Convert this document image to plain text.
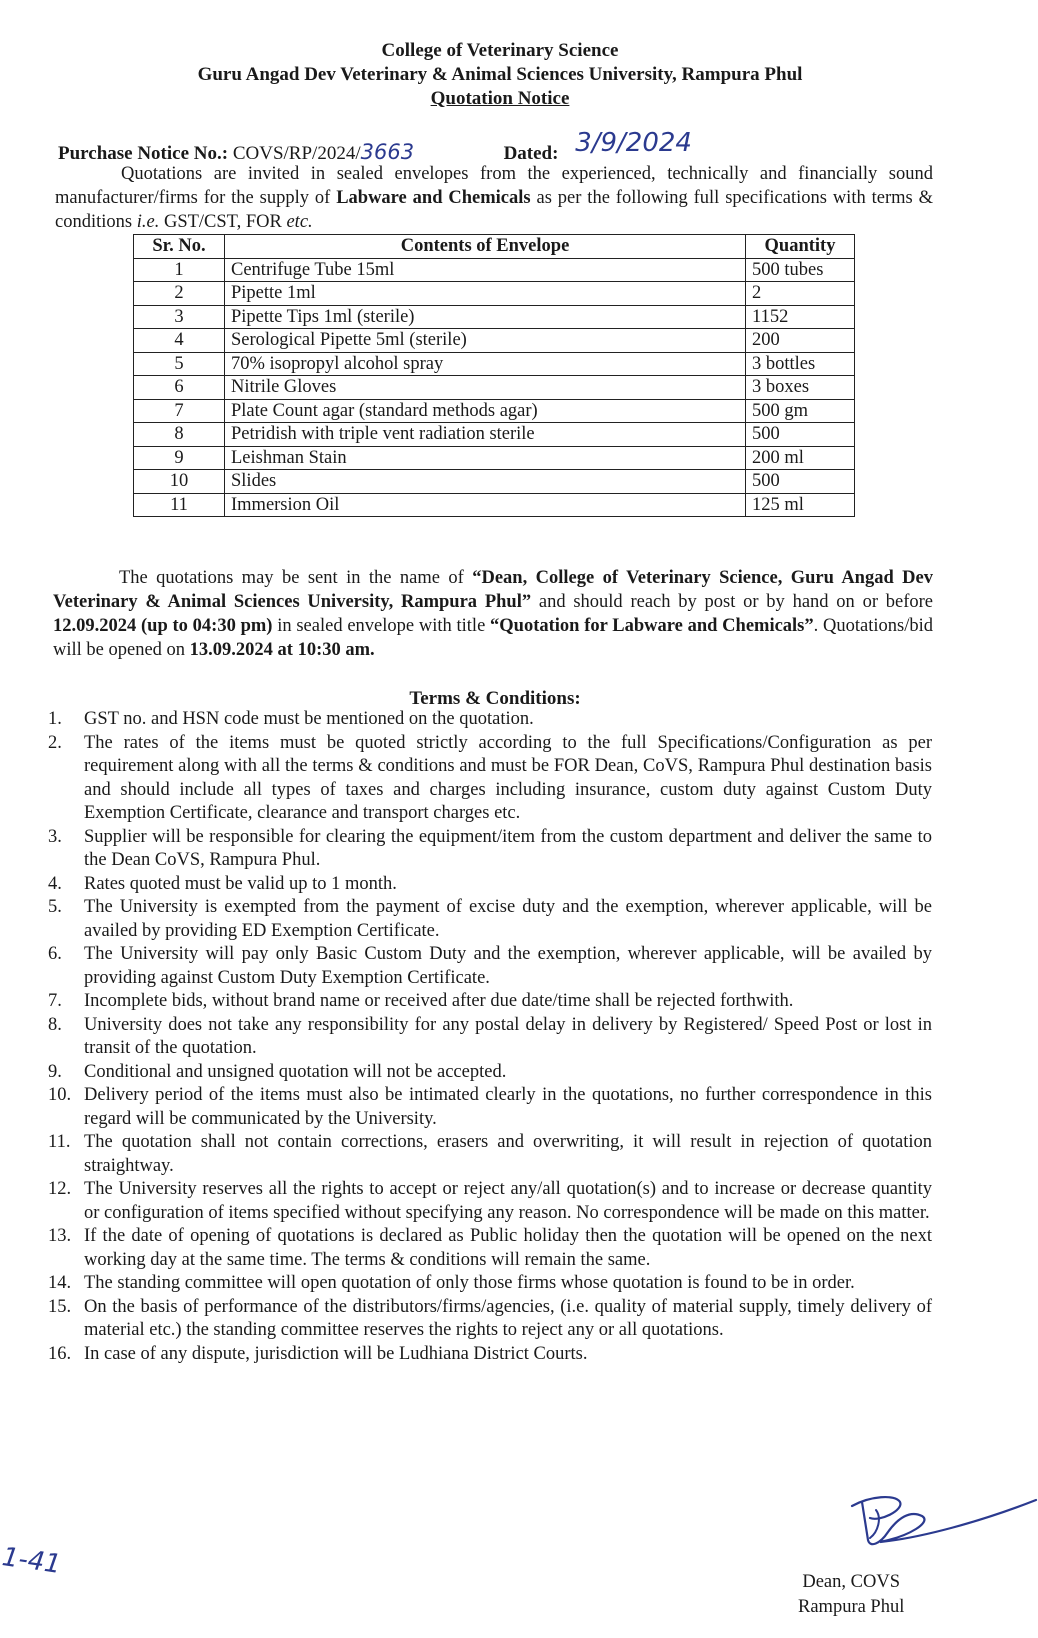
College of Veterinary Science
Guru Angad Dev Veterinary & Animal Sciences University, Rampura Phul
Quotation Notice
Purchase Notice No.: COVS/RP/2024/3663	Dated: 3/9/2024
Quotations are invited in sealed envelopes from the experienced, technically and financially sound manufacturer/firms for the supply of Labware and Chemicals as per the following full specifications with terms & conditions i.e. GST/CST, FOR etc.
Sr. No.	Contents of Envelope	Quantity
1	Centrifuge Tube 15ml	500 tubes
2	Pipette 1ml	2
3	Pipette Tips 1ml (sterile)	1152
4	Serological Pipette 5ml (sterile)	200
5	70% isopropyl alcohol spray	3 bottles
6	Nitrile Gloves	3 boxes
7	Plate Count agar (standard methods agar)	500 gm
8	Petridish with triple vent radiation sterile	500
9	Leishman Stain	200 ml
10	Slides	500
11	Immersion Oil	125 ml
The quotations may be sent in the name of “Dean, College of Veterinary Science, Guru Angad Dev Veterinary & Animal Sciences University, Rampura Phul” and should reach by post or by hand on or before 12.09.2024 (up to 04:30 pm) in sealed envelope with title “Quotation for Labware and Chemicals”. Quotations/bid will be opened on 13.09.2024 at 10:30 am.
Terms & Conditions:
1.	GST no. and HSN code must be mentioned on the quotation.
2.	The rates of the items must be quoted strictly according to the full Specifications/Configuration as per requirement along with all the terms & conditions and must be FOR Dean, CoVS, Rampura Phul destination basis and should include all types of taxes and charges including insurance, custom duty against Custom Duty Exemption Certificate, clearance and transport charges etc.
3.	Supplier will be responsible for clearing the equipment/item from the custom department and deliver the same to the Dean CoVS, Rampura Phul.
4.	Rates quoted must be valid up to 1 month.
5.	The University is exempted from the payment of excise duty and the exemption, wherever applicable, will be availed by providing ED Exemption Certificate.
6.	The University will pay only Basic Custom Duty and the exemption, wherever applicable, will be availed by providing against Custom Duty Exemption Certificate.
7.	Incomplete bids, without brand name or received after due date/time shall be rejected forthwith.
8.	University does not take any responsibility for any postal delay in delivery by Registered/ Speed Post or lost in transit of the quotation.
9.	Conditional and unsigned quotation will not be accepted.
10. Delivery period of the items must also be intimated clearly in the quotations, no further correspondence in this regard will be communicated by the University.
11. The quotation shall not contain corrections, erasers and overwriting, it will result in rejection of quotation straightway.
12. The University reserves all the rights to accept or reject any/all quotation(s) and to increase or decrease quantity or configuration of items specified without specifying any reason. No correspondence will be made on this matter.
13. If the date of opening of quotations is declared as Public holiday then the quotation will be opened on the next working day at the same time. The terms & conditions will remain the same.
14. The standing committee will open quotation of only those firms whose quotation is found to be in order.
15. On the basis of performance of the distributors/firms/agencies, (i.e. quality of material supply, timely delivery of material etc.) the standing committee reserves the rights to reject any or all quotations.
16. In case of any dispute, jurisdiction will be Ludhiana District Courts.
1-41
Dean, COVS
Rampura Phul
